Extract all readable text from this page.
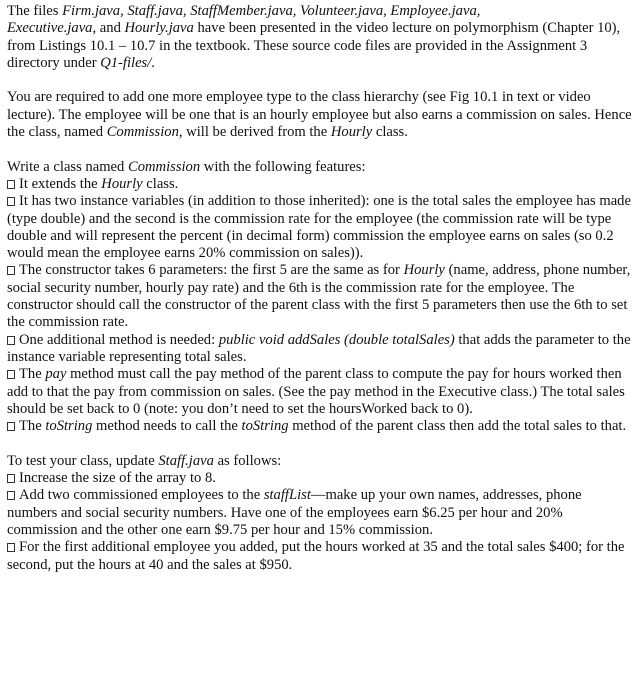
The files Firm.java, Staff.java, StaffMember.java, Volunteer.java, Employee.java,
Executive.java, and Hourly.java have been presented in the video lecture on polymorphism (Chapter 10), from Listings 10.1 – 10.7 in the textbook. These source code files are provided in the Assignment 3 directory under Q1-files/.

You are required to add one more employee type to the class hierarchy (see Fig 10.1 in text or video lecture). The employee will be one that is an hourly employee but also earns a commission on sales. Hence the class, named Commission, will be derived from the Hourly class.

Write a class named Commission with the following features:

It extends the Hourly class.

It has two instance variables (in addition to those inherited): one is the total sales the employee has made (type double) and the second is the commission rate for the employee (the commission rate will be type double and will represent the percent (in decimal form) commission the employee earns on sales (so 0.2 would mean the employee earns 20% commission on sales)).

The constructor takes 6 parameters: the first 5 are the same as for Hourly (name, address, phone number, social security number, hourly pay rate) and the 6th is the commission rate for the employee. The constructor should call the constructor of the parent class with the first 5 parameters then use the 6th to set the commission rate.

One additional method is needed: public void addSales (double totalSales) that adds the parameter to the instance variable representing total sales.

The pay method must call the pay method of the parent class to compute the pay for hours worked then add to that the pay from commission on sales. (See the pay method in the Executive class.) The total sales should be set back to 0 (note: you don’t need to set the hoursWorked back to 0).

The toString method needs to call the toString method of the parent class then add the total sales to that.

To test your class, update Staff.java as follows:

Increase the size of the array to 8.

Add two commissioned employees to the staffList—make up your own names, addresses, phone numbers and social security numbers. Have one of the employees earn $6.25 per hour and 20% commission and the other one earn $9.75 per hour and 15% commission.

For the first additional employee you added, put the hours worked at 35 and the total sales $400; for the second, put the hours at 40 and the sales at $950.
